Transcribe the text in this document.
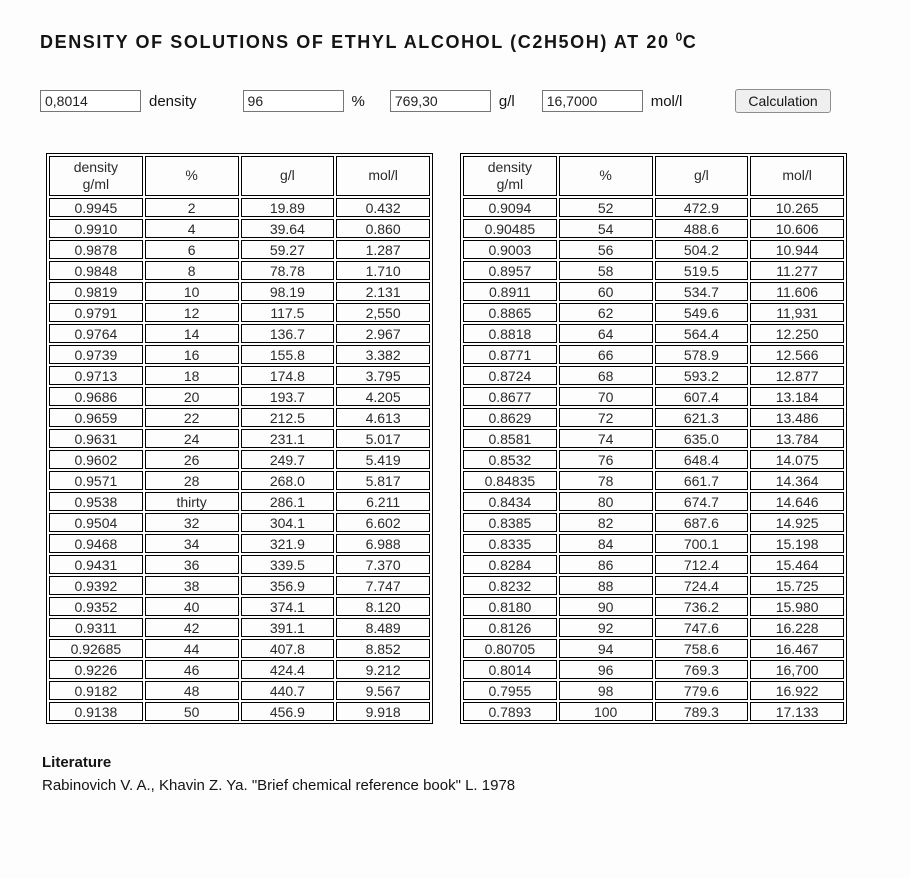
DENSITY OF SOLUTIONS OF ETHYL ALCOHOL (C2H5OH) AT 20 $^0$C
0,8014
density
96	%
769,30	g/l
16,7000	mol/l	Calculation
density
g/ml	%	g/l	mol/l
0.9945	2	19.89	0.432
0.9910	4	39.64	0.860
0.9878	6	59.27	1.287
0.9848	8	78.78	1.710
0.9819	10	98.19	2.131
0.9791	12	117.5	2,550
0.9764	14	136.7	2.967
0.9739	16	155.8	3.382
0.9713	18	174.8	3.795
0.9686	20	193.7	4.205
0.9659	22	212.5	4.613
0.9631	24	231.1	5.017
0.9602	26	249.7	5.419
0.9571	28	268.0	5.817
0.9538	thirty	286.1	6.211
0.9504	32	304.1	6.602
0.9468	34	321.9	6.988
0.9431	36	339.5	7.370
0.9392	38	356.9	7.747
0.9352	40	374.1	8.120
0.9311	42	391.1	8.489
0.92685	44	407.8	8.852
0.9226	46	424.4	9.212
0.9182	48	440.7	9.567
0.9138	50	456.9	9.918
density
g/ml	%	g/l	mol/l
0.9094	52	472.9	10.265
0.90485	54	488.6	10.606
0.9003	56	504.2	10.944
0.8957	58	519.5	11.277
0.8911	60	534.7	11.606
0.8865	62	549.6	11,931
0.8818	64	564.4	12.250
0.8771	66	578.9	12.566
0.8724	68	593.2	12.877
0.8677	70	607.4	13.184
0.8629	72	621.3	13.486
0.8581	74	635.0	13.784
0.8532	76	648.4	14.075
0.84835	78	661.7	14.364
0.8434	80	674.7	14.646
0.8385	82	687.6	14.925
0.8335	84	700.1	15.198
0.8284	86	712.4	15.464
0.8232	88	724.4	15.725
0.8180	90	736.2	15.980
0.8126	92	747.6	16.228
0.80705	94	758.6	16.467
0.8014	96	769.3	16,700
0.7955	98	779.6	16.922
0.7893	100	789.3	17.133
Literature
Rabinovich V. A., Khavin Z. Ya. "Brief chemical reference book" L. 1978
